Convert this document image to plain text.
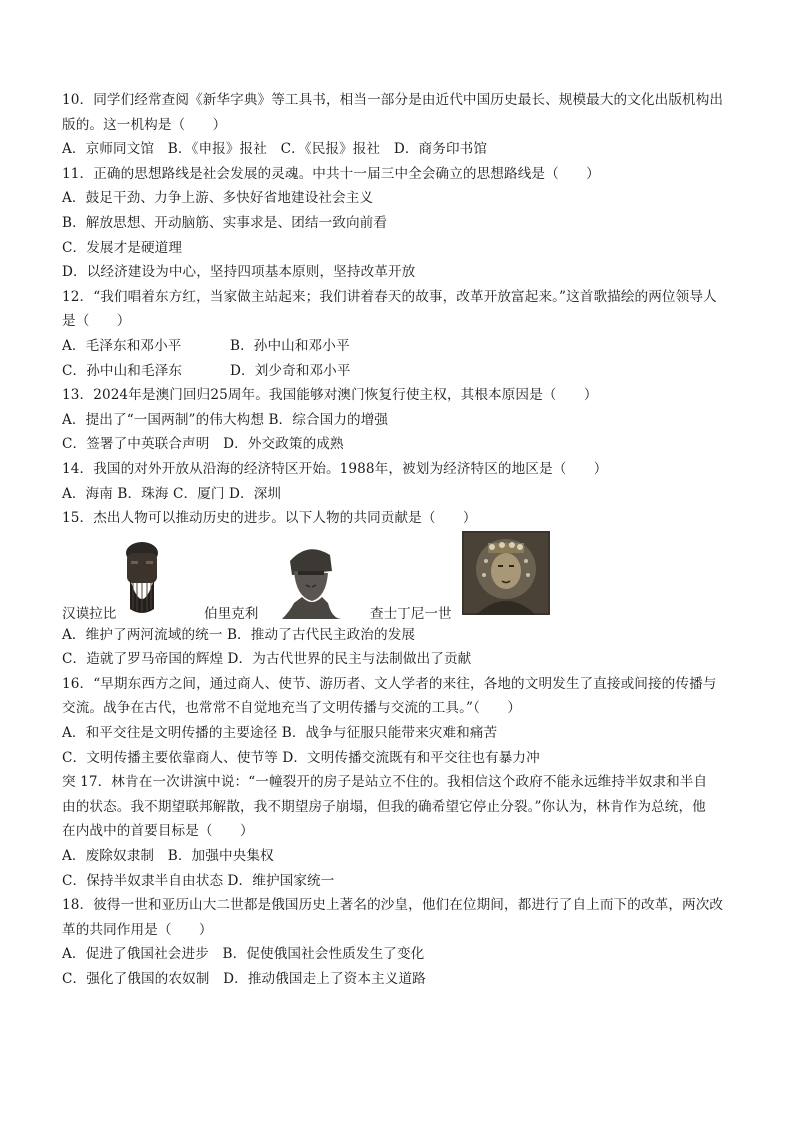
10．同学们经常查阅《新华字典》等工具书，相当一部分是由近代中国历史最长、规模最大的文化出版机构出
版的。这一机构是（　　）
A．京师同文馆　B．《申报》报社　C．《民报》报社　D．商务印书馆
11．正确的思想路线是社会发展的灵魂。中共十一届三中全会确立的思想路线是（　　）
A．鼓足干劲、力争上游、多快好省地建设社会主义
B．解放思想、开动脑筋、实事求是、团结一致向前看
C．发展才是硬道理
D．以经济建设为中心，坚持四项基本原则，坚持改革开放
12．“我们唱着东方红，当家做主站起来；我们讲着春天的故事，改革开放富起来。”这首歌描绘的两位领导人
是（　　）
A．毛泽东和邓小平	B．孙中山和邓小平
C．孙中山和毛泽东	D．刘少奇和邓小平
13．2024年是澳门回归25周年。我国能够对澳门恢复行使主权，其根本原因是（　　）
A．提出了“一国两制”的伟大构想 B．综合国力的增强
C．签署了中英联合声明　D．外交政策的成熟
14．我国的对外开放从沿海的经济特区开始。1988年，被划为经济特区的地区是（　　）
A．海南 B．珠海 C．厦门 D．深圳
15．杰出人物可以推动历史的进步。以下人物的共同贡献是（　　）
汉谟拉比	伯里克利	查士丁尼一世
A．维护了两河流域的统一 B．推动了古代民主政治的发展
C．造就了罗马帝国的辉煌 D．为古代世界的民主与法制做出了贡献
16．“早期东西方之间，通过商人、使节、游历者、文人学者的来往，各地的文明发生了直接或间接的传播与
交流。战争在古代，也常常不自觉地充当了文明传播与交流的工具。”（　　）
A．和平交往是文明传播的主要途径 B．战争与征服只能带来灾难和痛苦
C．文明传播主要依靠商人、使节等 D．文明传播交流既有和平交往也有暴力冲
突 17．林肯在一次讲演中说：“一幢裂开的房子是站立不住的。我相信这个政府不能永远维持半奴隶和半自
由的状态。我不期望联邦解散，我不期望房子崩塌，但我的确希望它停止分裂。”你认为，林肯作为总统，他
在内战中的首要目标是（　　）
A．废除奴隶制　B．加强中央集权
C．保持半奴隶半自由状态 D．维护国家统一
18．彼得一世和亚历山大二世都是俄国历史上著名的沙皇，他们在位期间，都进行了自上而下的改革，两次改
革的共同作用是（　　）
A．促进了俄国社会进步　B．促使俄国社会性质发生了变化
C．强化了俄国的农奴制　D．推动俄国走上了资本主义道路
